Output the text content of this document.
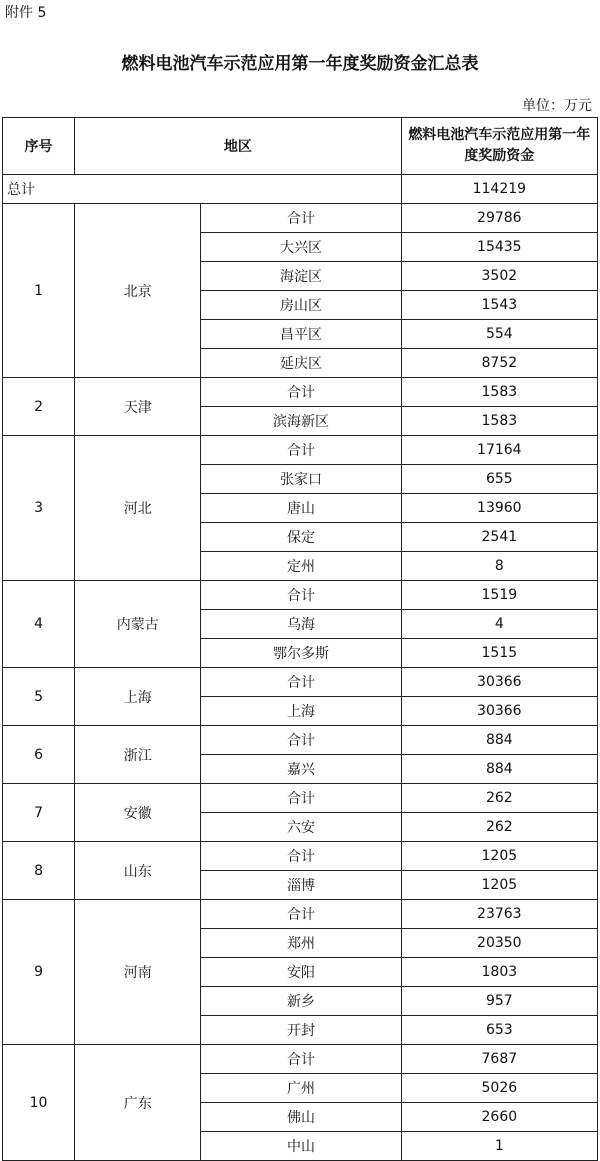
附件 5
燃料电池汽车示范应用第一年度奖励资金汇总表
单位：万元
序号	地区		燃料电池汽车示范应用第一年度奖励资金
总计			114219
1	北京	合计	29786
		大兴区	15435
		海淀区	3502
		房山区	1543
		昌平区	554
		延庆区	8752
2	天津	合计	1583
		滨海新区	1583
3	河北	合计	17164
		张家口	655
		唐山	13960
		保定	2541
		定州	8
4	内蒙古	合计	1519
		乌海	4
		鄂尔多斯	1515
5	上海	合计	30366
		上海	30366
6	浙江	合计	884
		嘉兴	884
7	安徽	合计	262
		六安	262
8	山东	合计	1205
		淄博	1205
9	河南	合计	23763
		郑州	20350
		安阳	1803
		新乡	957
		开封	653
10	广东	合计	7687
		广州	5026
		佛山	2660
		中山	1
